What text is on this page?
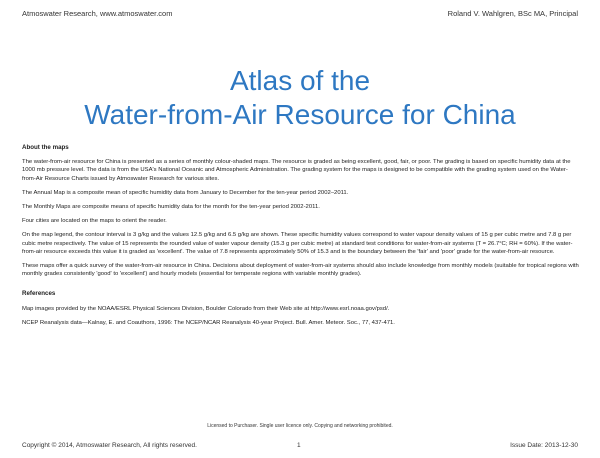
Atmoswater Research, www.atmoswater.com	Roland V. Wahlgren, BSc MA, Principal
Atlas of the
Water-from-Air Resource for China
About the maps

The water-from-air resource for China is presented as a series of monthly colour-shaded maps. The resource is graded as being excellent, good, fair, or poor. The grading is based on specific humidity data at the 1000 mb pressure level. The data is from the USA's National Oceanic and Atmospheric Administration. The grading system for the maps is designed to be compatible with the grading system used on the Water-from-Air Resource Charts issued by Atmoswater Research for various sites.

The Annual Map is a composite mean of specific humidity data from January to December for the ten-year period 2002–2011.

The Monthly Maps are composite means of specific humidity data for the month for the ten-year period 2002-2011.

Four cities are located on the maps to orient the reader.

On the map legend, the contour interval is 3 g/kg and the values 12.5 g/kg and 6.5 g/kg are shown. These specific humidity values correspond to water vapour density values of 15 g per cubic metre and 7.8 g per cubic metre respectively. The value of 15 represents the rounded value of water vapour density (15.3 g per cubic metre) at standard test conditions for water-from-air systems (T = 26.7°C; RH = 60%). If the water-from-air resource exceeds this value it is graded as 'excellent'. The value of 7.8 represents approximately 50% of 15.3 and is the boundary between the 'fair' and 'poor' grade for the water-from-air resource.

These maps offer a quick survey of the water-from-air resource in China. Decisions about deployment of water-from-air systems should also include knowledge from monthly models (suitable for tropical regions with monthly grades consistently 'good' to 'excellent') and hourly models (essential for temperate regions with variable monthly grades).

References

Map images provided by the NOAA/ESRL Physical Sciences Division, Boulder Colorado from their Web site at http://www.esrl.noaa.gov/psd/.

NCEP Reanalysis data—Kalnay, E. and Coauthors, 1996: The NCEP/NCAR Reanalysis 40-year Project. Bull. Amer. Meteor. Soc., 77, 437-471.

Licensed to Purchaser. Single user licence only. Copying and networking prohibited.
Copyright © 2014, Atmoswater Research, All rights reserved.	1	Issue Date: 2013-12-30
